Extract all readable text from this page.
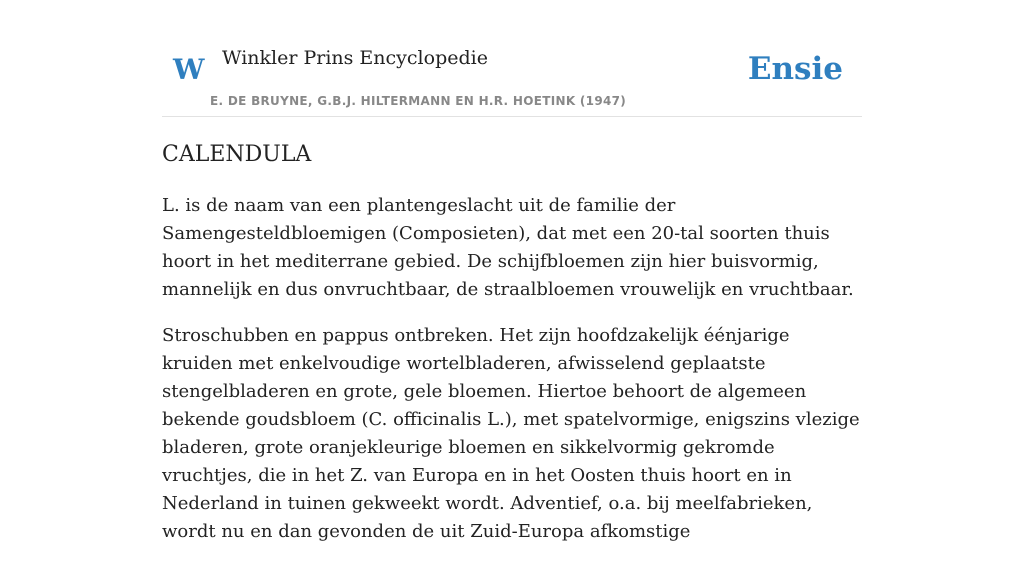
W Winkler Prins Encyclopedie
E. DE BRUYNE, G.B.J. HILTERMANN EN H.R. HOETINK (1947)
Ensie
CALENDULA

L. is de naam van een plantengeslacht uit de familie der Samengesteldbloemigen (Composieten), dat met een 20-tal soorten thuis hoort in het mediterrane gebied. De schijfbloemen zijn hier buisvormig, mannelijk en dus onvruchtbaar, de straalbloemen vrouwelijk en vruchtbaar.

Stroschubben en pappus ontbreken. Het zijn hoofdzakelijk éénjarige kruiden met enkelvoudige wortelbladeren, afwisselend geplaatste stengelbladeren en grote, gele bloemen. Hiertoe behoort de algemeen bekende goudsbloem (C. officinalis L.), met spatelvormige, enigszins vlezige bladeren, grote oranjekleurige bloemen en sikkelvormig gekromde vruchtjes, die in het Z. van Europa en in het Oosten thuis hoort en in Nederland in tuinen gekweekt wordt. Adventief, o.a. bij meelfabrieken, wordt nu en dan gevonden de uit Zuid-Europa afkomstige
